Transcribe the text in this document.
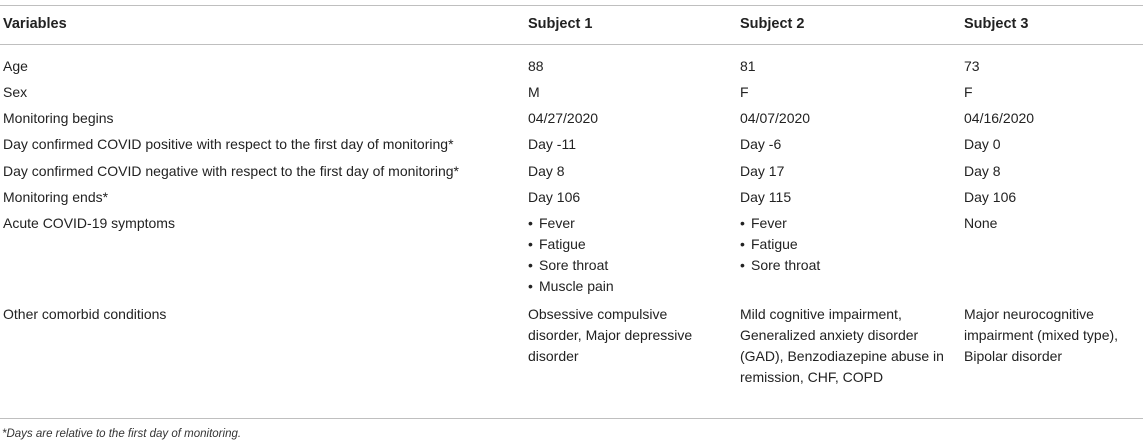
Variables	Subject 1	Subject 2	Subject 3
Age	88	81	73
Sex	M	F	F
Monitoring begins	04/27/2020	04/07/2020	04/16/2020
Day confirmed COVID positive with respect to the first day of monitoring*	Day -11	Day -6	Day 0
Day confirmed COVID negative with respect to the first day of monitoring*	Day 8	Day 17	Day 8
Monitoring ends*	Day 106	Day 115	Day 106
Acute COVID-19 symptoms
•	Fever
• Fatigue
• Sore throat
• Muscle pain
• Fever
• Fatigue
• Sore throat
None
Other comorbid conditions	Obsessive compulsive disorder, Major depressive disorder
Mild cognitive impairment, Generalized anxiety disorder (GAD), Benzodiazepine abuse in remission, CHF, COPD
Major neurocognitive impairment (mixed type), Bipolar disorder
*Days are relative to the first day of monitoring.
